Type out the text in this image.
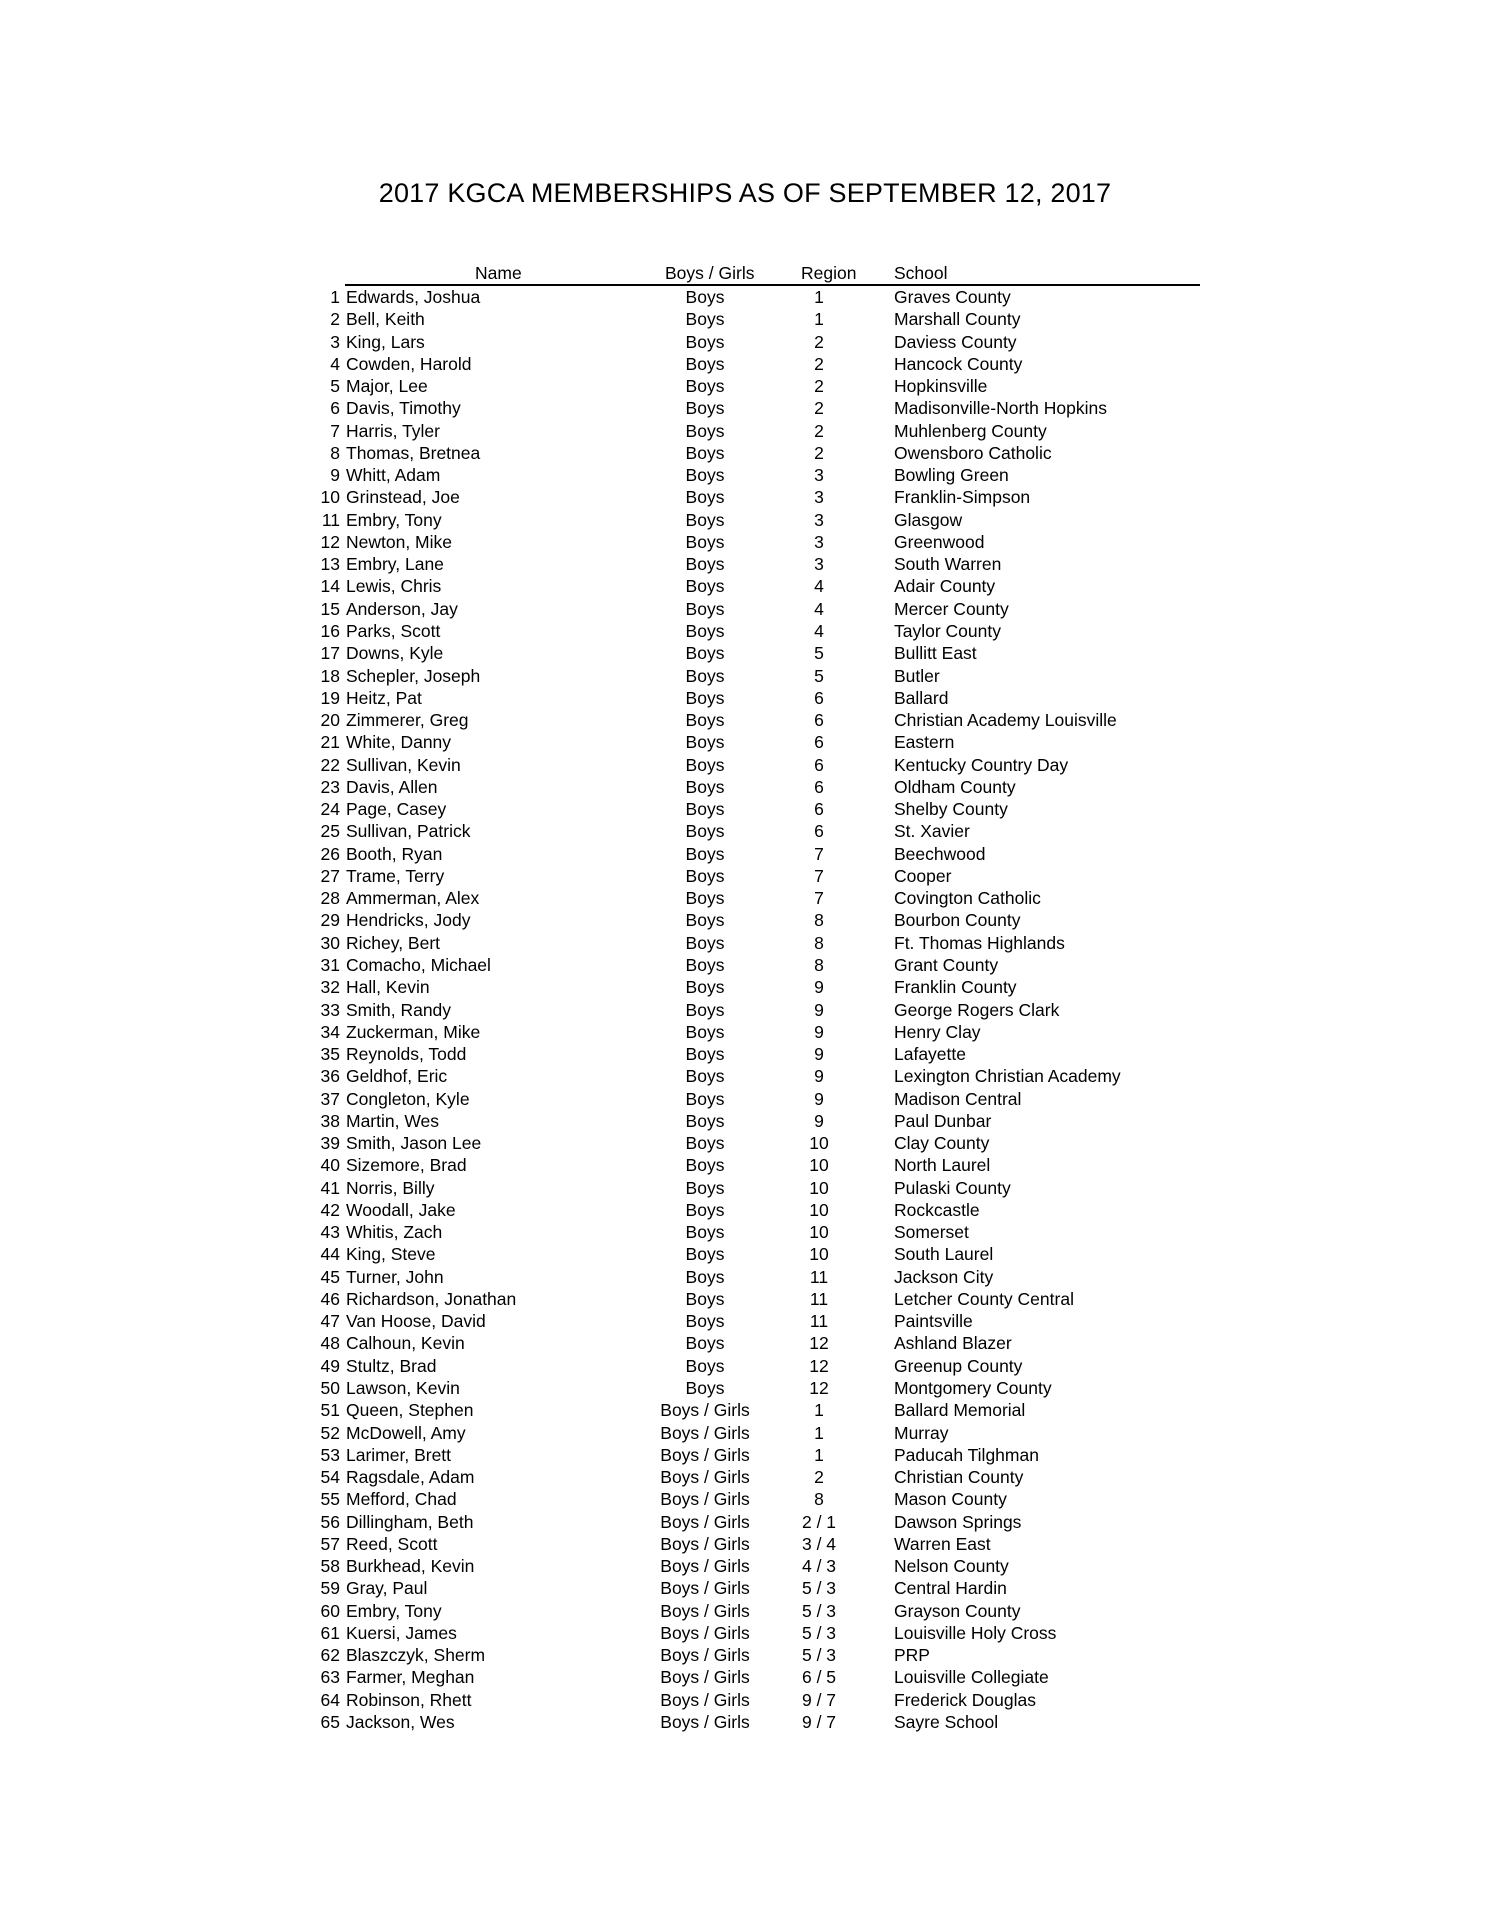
2017 KGCA MEMBERSHIPS AS OF SEPTEMBER 12, 2017
Name	Boys / Girls	Region School
1 Edwards, Joshua	Boys	1	Graves County
2 Bell, Keith	Boys	1	Marshall County
3 King, Lars	Boys	2	Daviess County
4 Cowden, Harold	Boys	2	Hancock County
5 Major, Lee	Boys	2	Hopkinsville
6 Davis, Timothy	Boys	2	Madisonville-North Hopkins
7 Harris, Tyler	Boys	2	Muhlenberg County
8 Thomas, Bretnea	Boys	2	Owensboro Catholic
9 Whitt, Adam	Boys	3	Bowling Green
10 Grinstead, Joe	Boys	3	Franklin-Simpson
11 Embry, Tony	Boys	3	Glasgow
12 Newton, Mike	Boys	3	Greenwood
13 Embry, Lane	Boys	3	South Warren
14 Lewis, Chris	Boys	4	Adair County
15 Anderson, Jay	Boys	4	Mercer County
16 Parks, Scott	Boys	4	Taylor County
17 Downs, Kyle	Boys	5	Bullitt East
18 Schepler, Joseph	Boys	5	Butler
19 Heitz, Pat	Boys	6	Ballard
20 Zimmerer, Greg	Boys	6	Christian Academy Louisville
21 White, Danny	Boys	6	Eastern
22 Sullivan, Kevin	Boys	6	Kentucky Country Day
23 Davis, Allen	Boys	6	Oldham County
24 Page, Casey	Boys	6	Shelby County
25 Sullivan, Patrick	Boys	6	St. Xavier
26 Booth, Ryan	Boys	7	Beechwood
27 Trame, Terry	Boys	7	Cooper
28 Ammerman, Alex	Boys	7	Covington Catholic
29 Hendricks, Jody	Boys	8	Bourbon County
30 Richey, Bert	Boys	8	Ft. Thomas Highlands
31 Comacho, Michael	Boys	8	Grant County
32 Hall, Kevin	Boys	9	Franklin County
33 Smith, Randy	Boys	9	George Rogers Clark
34 Zuckerman, Mike	Boys	9	Henry Clay
35 Reynolds, Todd	Boys	9	Lafayette
36 Geldhof, Eric	Boys	9	Lexington Christian Academy
37 Congleton, Kyle	Boys	9	Madison Central
38 Martin, Wes	Boys	9	Paul Dunbar
39 Smith, Jason Lee	Boys	10	Clay County
40 Sizemore, Brad	Boys	10	North Laurel
41 Norris, Billy	Boys	10	Pulaski County
42 Woodall, Jake	Boys	10	Rockcastle
43 Whitis, Zach	Boys	10	Somerset
44 King, Steve	Boys	10	South Laurel
45 Turner, John	Boys	11	Jackson City
46 Richardson, Jonathan	Boys	11	Letcher County Central
47 Van Hoose, David	Boys	11	Paintsville
48 Calhoun, Kevin	Boys	12	Ashland Blazer
49 Stultz, Brad	Boys	12	Greenup County
50 Lawson, Kevin	Boys	12	Montgomery County
51 Queen, Stephen	Boys / Girls	1	Ballard Memorial
52 McDowell, Amy	Boys / Girls	1	Murray
53 Larimer, Brett	Boys / Girls	1	Paducah Tilghman
54 Ragsdale, Adam	Boys / Girls	2	Christian County
55 Mefford, Chad	Boys / Girls	8	Mason County
56 Dillingham, Beth	Boys / Girls	2 / 1	Dawson Springs
57 Reed, Scott	Boys / Girls	3 / 4	Warren East
58 Burkhead, Kevin	Boys / Girls	4 / 3	Nelson County
59 Gray, Paul	Boys / Girls	5 / 3	Central Hardin
60 Embry, Tony	Boys / Girls	5 / 3	Grayson County
61 Kuersi, James	Boys / Girls	5 / 3	Louisville Holy Cross
62 Blaszczyk, Sherm	Boys / Girls	5 / 3	PRP
63 Farmer, Meghan	Boys / Girls	6 / 5	Louisville Collegiate
64 Robinson, Rhett	Boys / Girls	9 / 7	Frederick Douglas
65 Jackson, Wes	Boys / Girls	9 / 7	Sayre School
